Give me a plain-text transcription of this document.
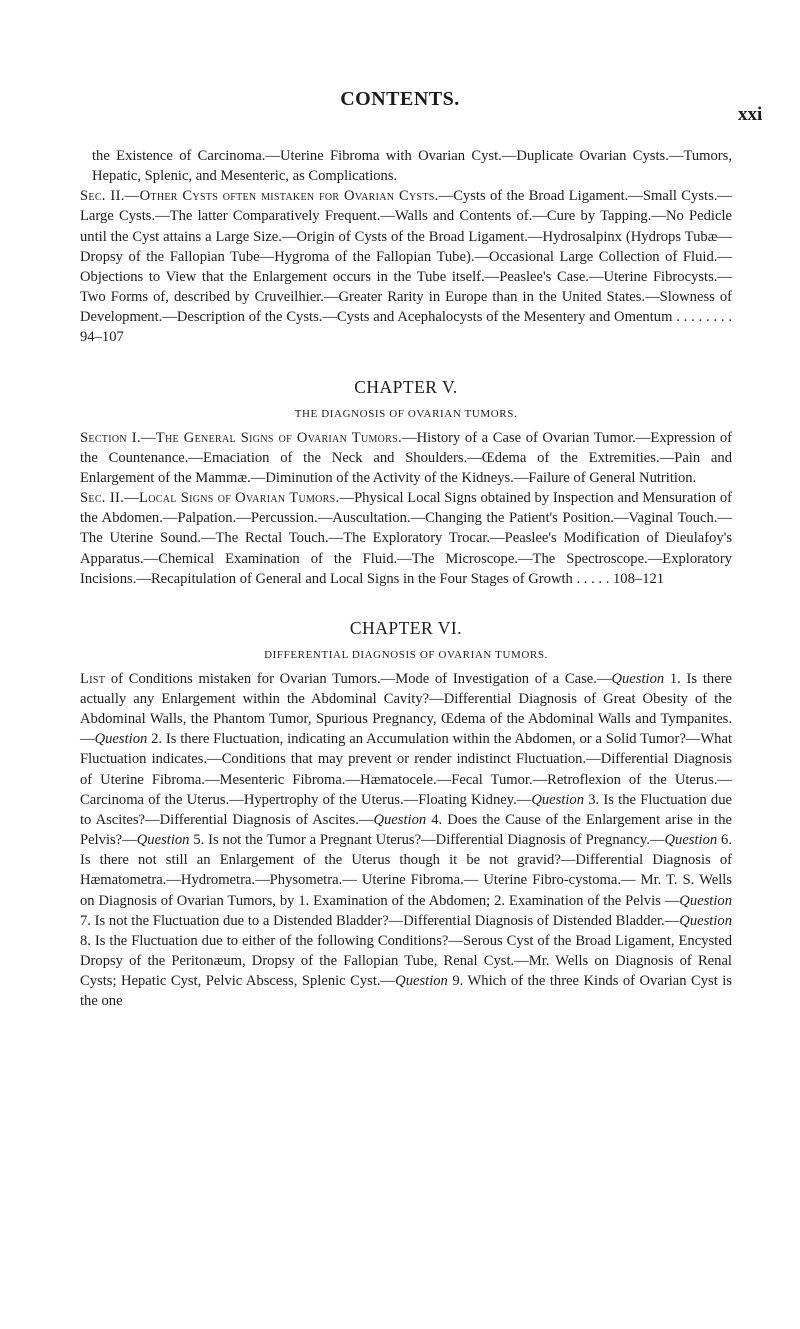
CONTENTS.
xxi

the Existence of Carcinoma.—Uterine Fibroma with Ovarian Cyst.—Duplicate Ovarian Cysts.—Tumors, Hepatic, Splenic, and Mesenteric, as Complications.

Sec. II.—Other Cysts often mistaken for Ovarian Cysts.—Cysts of the Broad Ligament.—Small Cysts.—Large Cysts.—The latter Comparatively Frequent.—Walls and Contents of.—Cure by Tapping.—No Pedicle until the Cyst attains a Large Size.—Origin of Cysts of the Broad Ligament.—Hydrosalpinx (Hydrops Tubæ—Dropsy of the Fallopian Tube—Hygroma of the Fallopian Tube).—Occasional Large Collection of Fluid.—Objections to View that the Enlargement occurs in the Tube itself.—Peaslee's Case.—Uterine Fibrocysts.—Two Forms of, described by Cruveilhier.—Greater Rarity in Europe than in the United States.—Slowness of Development.—Description of the Cysts.—Cysts and Acephalocysts of the Mesentery and Omentum . . . . . . . . 94–107

CHAPTER V.
THE DIAGNOSIS OF OVARIAN TUMORS.

Section I.—The General Signs of Ovarian Tumors.—History of a Case of Ovarian Tumor.—Expression of the Countenance.—Emaciation of the Neck and Shoulders.—Œdema of the Extremities.—Pain and Enlargement of the Mammæ.—Diminution of the Activity of the Kidneys.—Failure of General Nutrition.

Sec. II.—Local Signs of Ovarian Tumors.—Physical Local Signs obtained by Inspection and Mensuration of the Abdomen.—Palpation.—Percussion.—Auscultation.—Changing the Patient's Position.—Vaginal Touch.—The Uterine Sound.—The Rectal Touch.—The Exploratory Trocar.—Peaslee's Modification of Dieulafoy's Apparatus.—Chemical Examination of the Fluid.—The Microscope.—The Spectroscope.—Exploratory Incisions.—Recapitulation of General and Local Signs in the Four Stages of Growth . . . . . 108–121

CHAPTER VI.
DIFFERENTIAL DIAGNOSIS OF OVARIAN TUMORS.

List of Conditions mistaken for Ovarian Tumors.—Mode of Investigation of a Case.—Question 1. Is there actually any Enlargement within the Abdominal Cavity?—Differential Diagnosis of Great Obesity of the Abdominal Walls, the Phantom Tumor, Spurious Pregnancy, Œdema of the Abdominal Walls and Tympanites.—Question 2. Is there Fluctuation, indicating an Accumulation within the Abdomen, or a Solid Tumor?—What Fluctuation indicates.—Conditions that may prevent or render indistinct Fluctuation.—Differential Diagnosis of Uterine Fibroma.—Mesenteric Fibroma.—Hæmatocele.—Fecal Tumor.—Retroflexion of the Uterus.—Carcinoma of the Uterus.—Hypertrophy of the Uterus.—Floating Kidney.—Question 3. Is the Fluctuation due to Ascites?—Differential Diagnosis of Ascites.—Question 4. Does the Cause of the Enlargement arise in the Pelvis?—Question 5. Is not the Tumor a Pregnant Uterus?—Differential Diagnosis of Pregnancy.—Question 6. Is there not still an Enlargement of the Uterus though it be not gravid?—Differential Diagnosis of Hæmatometra.—Hydrometra.—Physometra.— Uterine Fibroma.— Uterine Fibro-cystoma.— Mr. T. S. Wells on Diagnosis of Ovarian Tumors, by 1. Examination of the Abdomen; 2. Examination of the Pelvis —Question 7. Is not the Fluctuation due to a Distended Bladder?—Differential Diagnosis of Distended Bladder.—Question 8. Is the Fluctuation due to either of the following Conditions?—Serous Cyst of the Broad Ligament, Encysted Dropsy of the Peritonæum, Dropsy of the Fallopian Tube, Renal Cyst.—Mr. Wells on Diagnosis of Renal Cysts; Hepatic Cyst, Pelvic Abscess, Splenic Cyst.—Question 9. Which of the three Kinds of Ovarian Cyst is the one
